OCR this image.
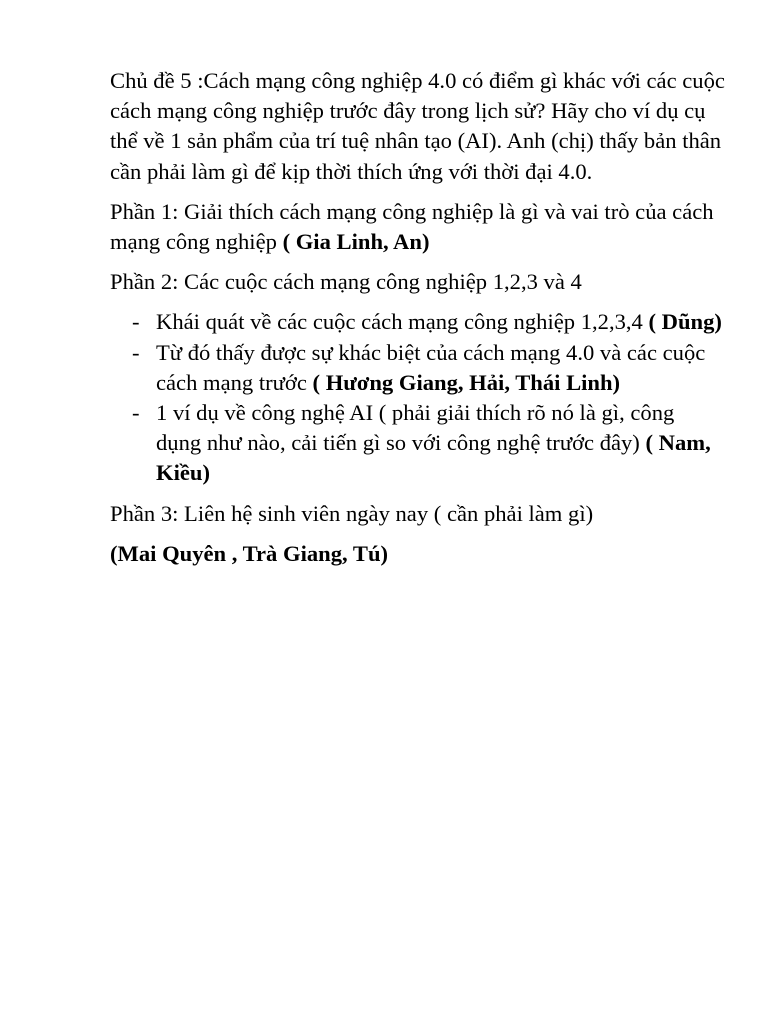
Chủ đề 5 :Cách mạng công nghiệp 4.0 có điểm gì khác với các cuộc cách mạng công nghiệp trước đây trong lịch sử? Hãy cho ví dụ cụ thể về 1 sản phẩm của trí tuệ nhân tạo (AI). Anh (chị) thấy bản thân cần phải làm gì để kịp thời thích ứng với thời đại 4.0.

Phần 1: Giải thích cách mạng công nghiệp là gì và vai trò của cách mạng công nghiệp ( Gia Linh, An)

Phần 2: Các cuộc cách mạng công nghiệp 1,2,3 và 4

- Khái quát về các cuộc cách mạng công nghiệp 1,2,3,4 ( Dũng)
- Từ đó thấy được sự khác biệt của cách mạng 4.0 và các cuộc cách mạng trước ( Hương Giang, Hải, Thái Linh)
- 1 ví dụ về công nghệ AI ( phải giải thích rõ nó là gì, công dụng như nào, cải tiến gì so với công nghệ trước đây) ( Nam, Kiều)

Phần 3: Liên hệ sinh viên ngày nay ( cần phải làm gì)

(Mai Quyên , Trà Giang, Tú)
